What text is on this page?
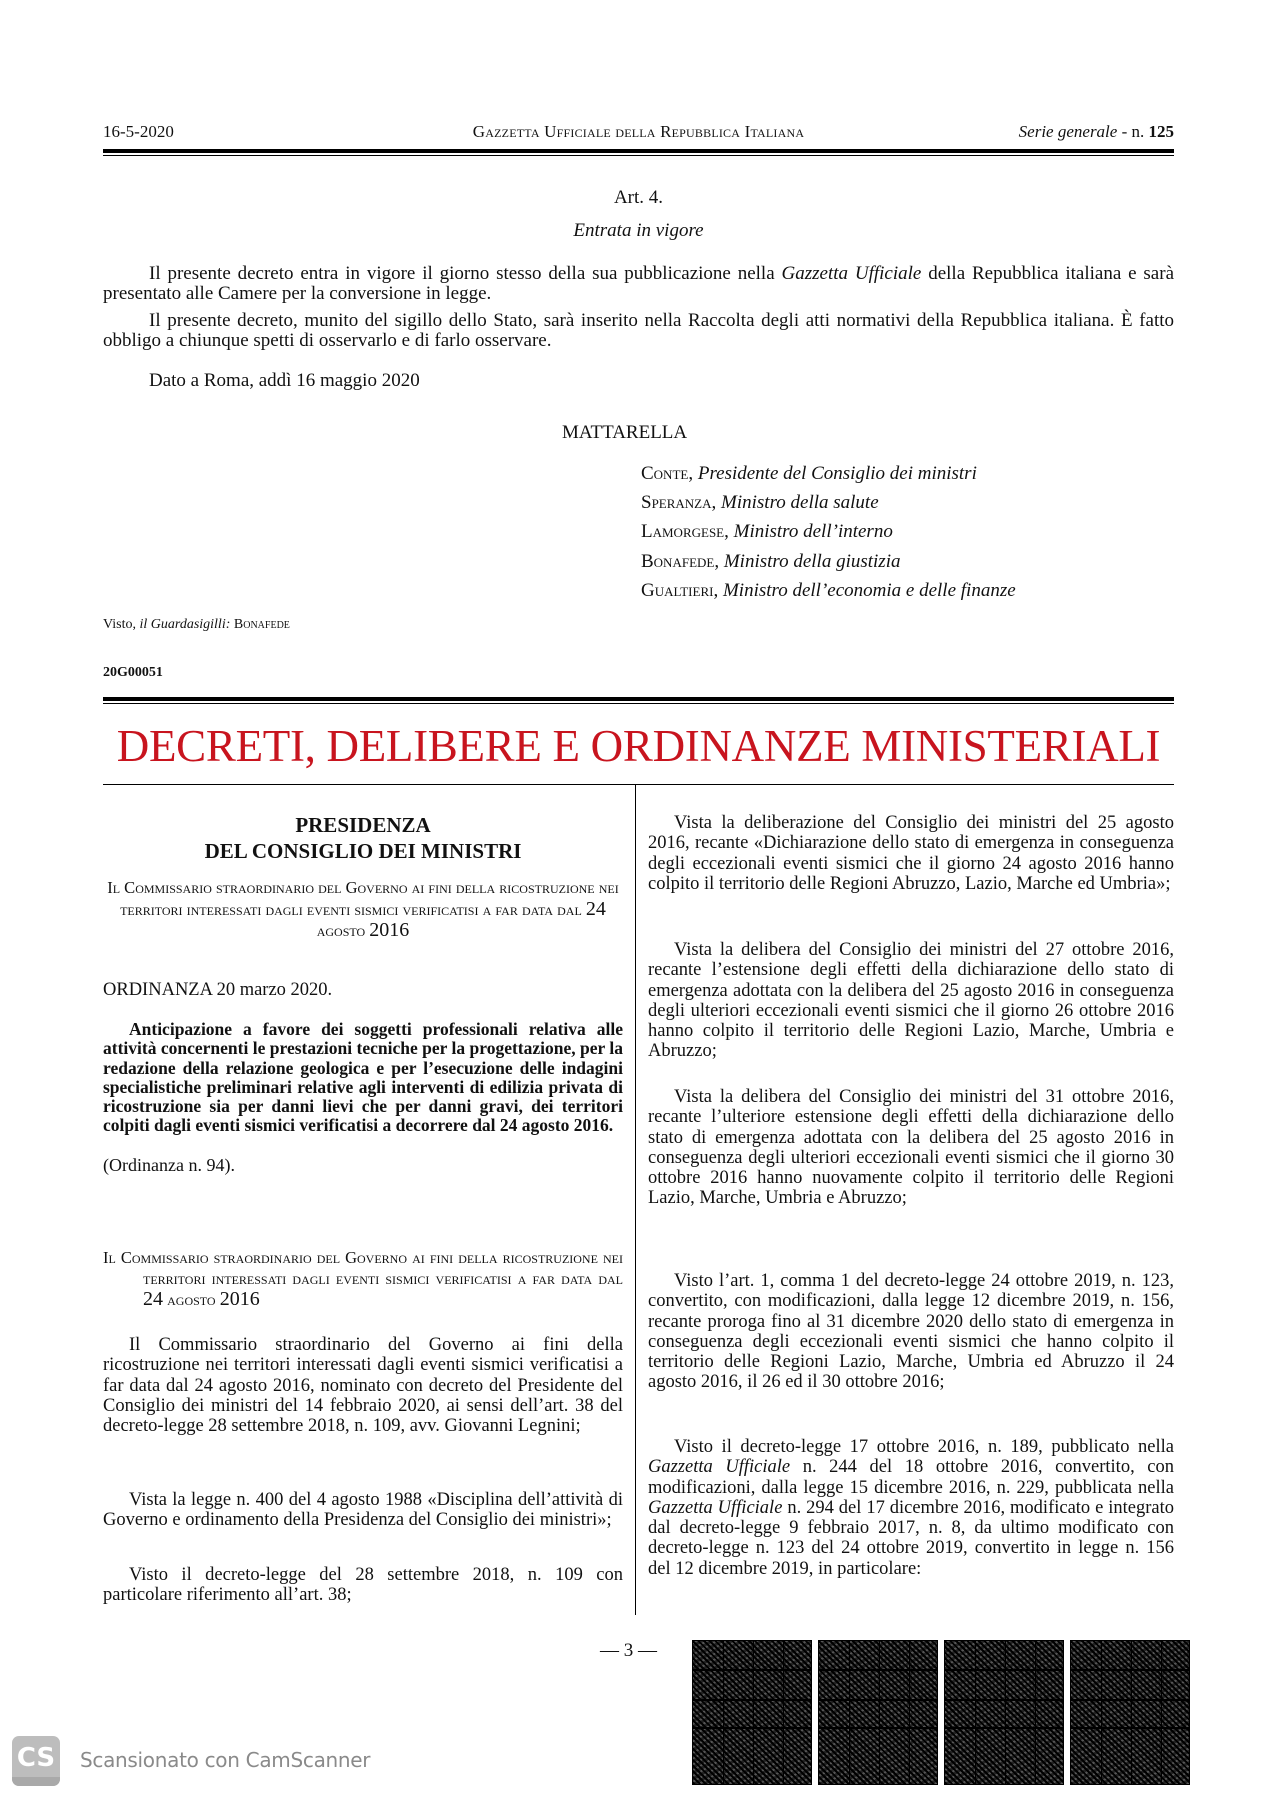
16-5-2020	Gazzetta Ufficiale della Repubblica Italiana	Serie generale - n. 125
Art. 4.
Entrata in vigore
Il presente decreto entra in vigore il giorno stesso della sua pubblicazione nella Gazzetta Ufficiale della Repubblica italiana e sarà presentato alle Camere per la conversione in legge.
Il presente decreto, munito del sigillo dello Stato, sarà inserito nella Raccolta degli atti normativi della Repubblica italiana. È fatto obbligo a chiunque spetti di osservarlo e di farlo osservare.
Dato a Roma, addì 16 maggio 2020
MATTARELLA
Conte, Presidente del Consiglio dei ministri
Speranza, Ministro della salute
Lamorgese, Ministro dell’interno
Bonafede, Ministro della giustizia
Gualtieri, Ministro dell’economia e delle finanze
Visto, il Guardasigilli: Bonafede
20G00051
DECRETI, DELIBERE E ORDINANZE MINISTERIALI
PRESIDENZA
DEL CONSIGLIO DEI MINISTRI
Il Commissario straordinario del Governo ai fini della ricostruzione nei territori interessati dagli eventi sismici verificatisi a far data dal 24 agosto 2016
ORDINANZA 20 marzo 2020.
Anticipazione a favore dei soggetti professionali relativa alle attività concernenti le prestazioni tecniche per la progettazione, per la redazione della relazione geologica e per l’esecuzione delle indagini specialistiche preliminari relative agli interventi di edilizia privata di ricostruzione sia per danni lievi che per danni gravi, dei territori colpiti dagli eventi sismici verificatisi a decorrere dal 24 agosto 2016.
(Ordinanza n. 94).
Il Commissario straordinario del Governo ai fini della ricostruzione nei territori interessati dagli eventi sismici verificatisi a far data dal 24 agosto 2016
Il Commissario straordinario del Governo ai fini della ricostruzione nei territori interessati dagli eventi sismici verificatisi a far data dal 24 agosto 2016, nominato con decreto del Presidente del Consiglio dei ministri del 14 febbraio 2020, ai sensi dell’art. 38 del decreto-legge 28 settembre 2018, n. 109, avv. Giovanni Legnini;
Vista la legge n. 400 del 4 agosto 1988 «Disciplina dell’attività di Governo e ordinamento della Presidenza del Consiglio dei ministri»;
Visto il decreto-legge del 28 settembre 2018, n. 109 con particolare riferimento all’art. 38;
Vista la deliberazione del Consiglio dei ministri del 25 agosto 2016, recante «Dichiarazione dello stato di emergenza in conseguenza degli eccezionali eventi sismici che il giorno 24 agosto 2016 hanno colpito il territorio delle Regioni Abruzzo, Lazio, Marche ed Umbria»;
Vista la delibera del Consiglio dei ministri del 27 ottobre 2016, recante l’estensione degli effetti della dichiarazione dello stato di emergenza adottata con la delibera del 25 agosto 2016 in conseguenza degli ulteriori eccezionali eventi sismici che il giorno 26 ottobre 2016 hanno colpito il territorio delle Regioni Lazio, Marche, Umbria e Abruzzo;
Vista la delibera del Consiglio dei ministri del 31 ottobre 2016, recante l’ulteriore estensione degli effetti della dichiarazione dello stato di emergenza adottata con la delibera del 25 agosto 2016 in conseguenza degli ulteriori eccezionali eventi sismici che il giorno 30 ottobre 2016 hanno nuovamente colpito il territorio delle Regioni Lazio, Marche, Umbria e Abruzzo;
Visto l’art. 1, comma 1 del decreto-legge 24 ottobre 2019, n. 123, convertito, con modificazioni, dalla legge 12 dicembre 2019, n. 156, recante proroga fino al 31 dicembre 2020 dello stato di emergenza in conseguenza degli eccezionali eventi sismici che hanno colpito il territorio delle Regioni Lazio, Marche, Umbria ed Abruzzo il 24 agosto 2016, il 26 ed il 30 ottobre 2016;
Visto il decreto-legge 17 ottobre 2016, n. 189, pubblicato nella Gazzetta Ufficiale n. 244 del 18 ottobre 2016, convertito, con modificazioni, dalla legge 15 dicembre 2016, n. 229, pubblicata nella Gazzetta Ufficiale n. 294 del 17 dicembre 2016, modificato e integrato dal decreto-legge 9 febbraio 2017, n. 8, da ultimo modificato con decreto-legge n. 123 del 24 ottobre 2019, convertito in legge n. 156 del 12 dicembre 2019, in particolare:
— 3 —
CS Scansionato con CamScanner
